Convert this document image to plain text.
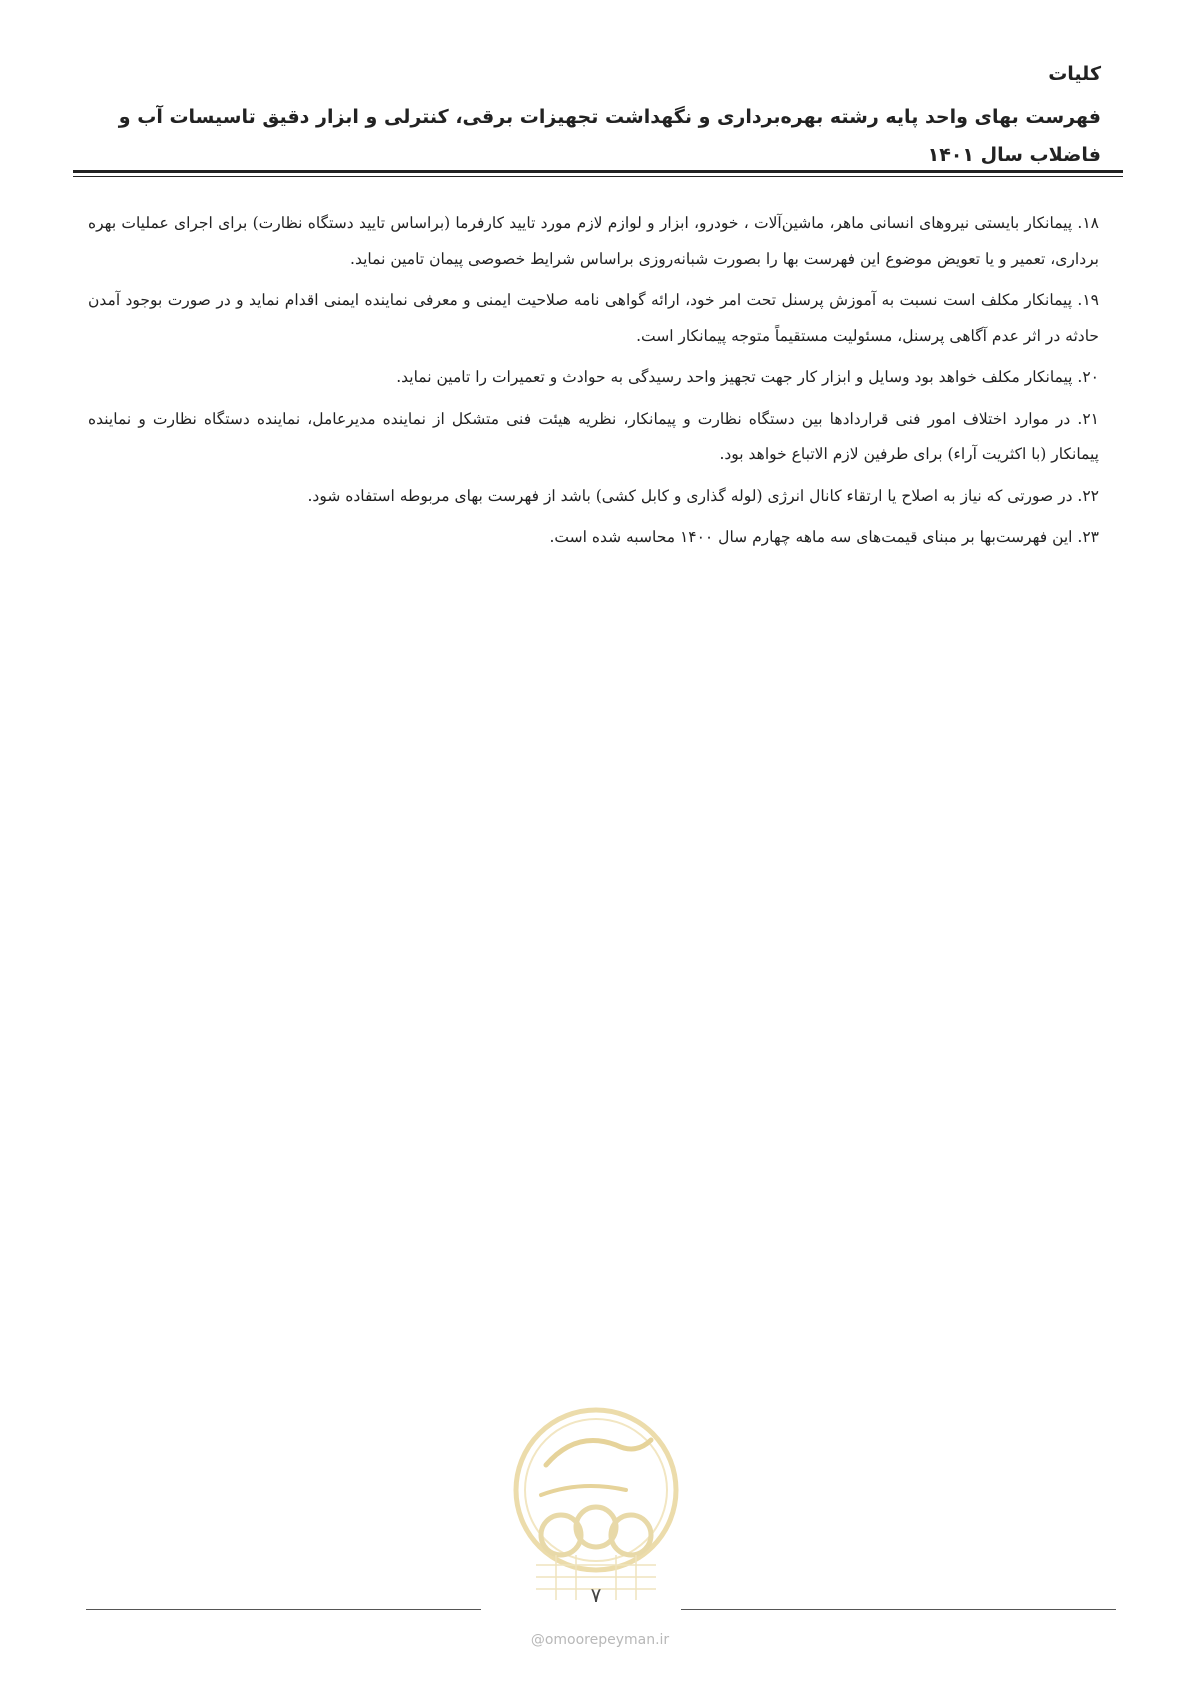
کلیات
فهرست بهای واحد پایه رشته بهره‌برداری و نگهداشت تجهیزات برقی، کنترلی و ابزار دقیق تاسیسات آب و فاضلاب سال ۱۴۰۱

۱۸. پیمانکار بایستی نیروهای انسانی ماهر، ماشین‌آلات ، خودرو، ابزار و لوازم لازم مورد تایید کارفرما (براساس تایید دستگاه نظارت) برای اجرای عملیات بهره برداری، تعمیر و یا تعویض موضوع این فهرست بها را بصورت شبانه‌روزی براساس شرایط خصوصی پیمان تامین نماید.

۱۹. پیمانکار مکلف است نسبت به آموزش پرسنل تحت امر خود، ارائه گواهی نامه صلاحیت ایمنی و معرفی نماینده ایمنی اقدام نماید و در صورت بوجود آمدن حادثه در اثر عدم آگاهی پرسنل، مسئولیت مستقیماً متوجه پیمانکار است.

۲۰. پیمانکار مکلف خواهد بود وسایل و ابزار کار جهت تجهیز واحد رسیدگی به حوادث و تعمیرات را تامین نماید.

۲۱. در موارد اختلاف امور فنی قراردادها بین دستگاه نظارت و پیمانکار، نظریه هیئت فنی متشکل از نماینده مدیرعامل، نماینده دستگاه نظارت و نماینده پیمانکار (با اکثریت آراء) برای طرفین لازم الاتباع خواهد بود.

۲۲. در صورتی که نیاز به اصلاح یا ارتقاء کانال انرژی (لوله گذاری و کابل کشی) باشد از فهرست بهای مربوطه استفاده شود.

۲۳. این فهرست‌بها بر مبنای قیمت‌های سه ماهه چهارم سال ۱۴۰۰ محاسبه شده است.

۷
@omoorepeyman.ir
